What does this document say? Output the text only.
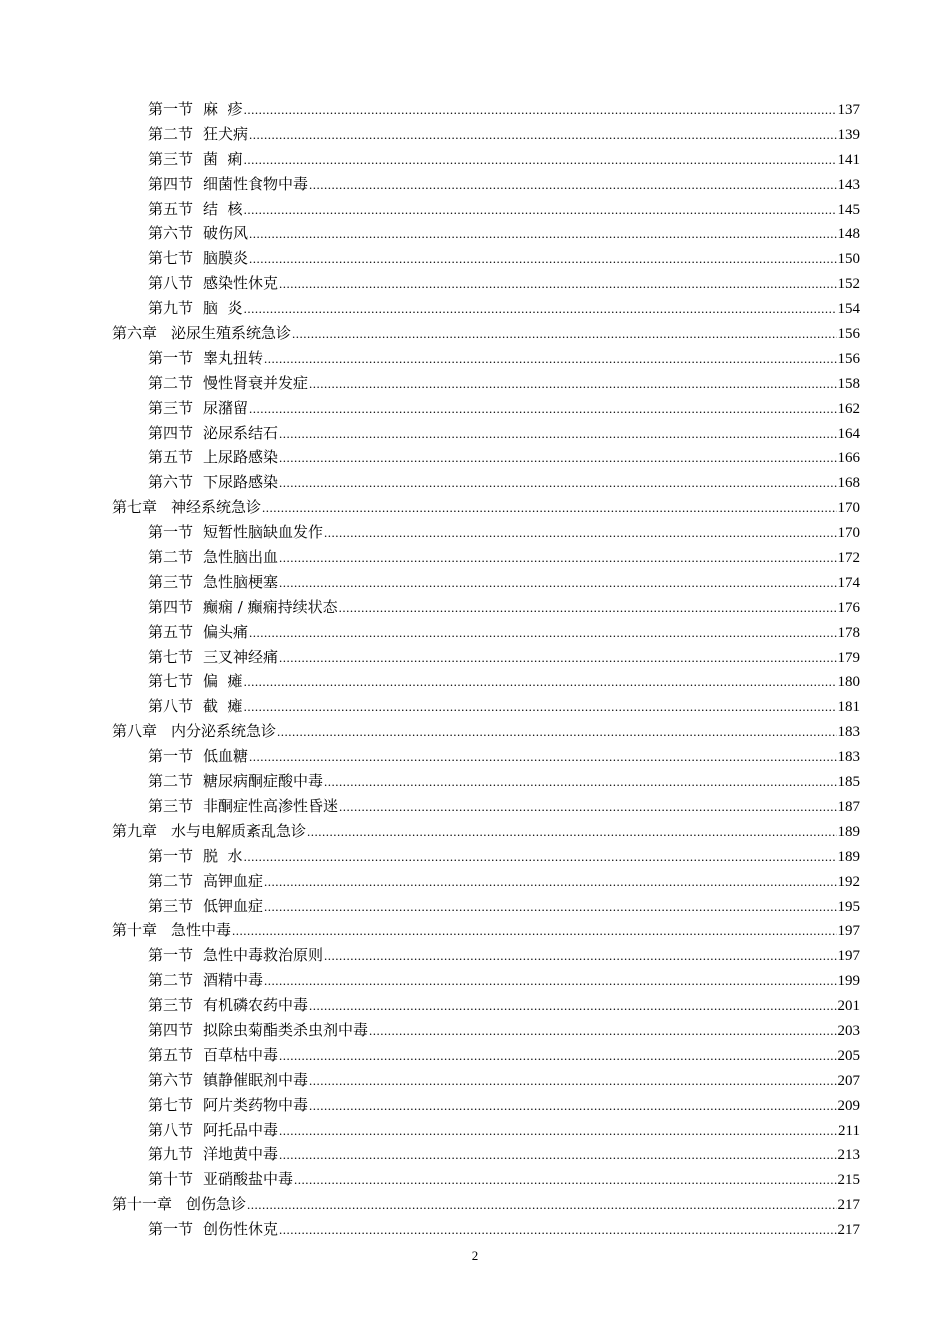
第一节 麻  疹 .....	137
第二节 狂犬病 .....	139
第三节 菌  痢 .....	141
第四节 细菌性食物中毒 .....	143
第五节 结  核 .....	145
第六节 破伤风 .....	148
第七节 脑膜炎 .....	150
第八节 感染性休克 .....	152
第九节 脑  炎 .....	154
第六章 泌尿生殖系统急诊 .....	156
第一节 睾丸扭转 .....	156
第二节 慢性肾衰并发症 .....	158
第三节 尿潴留 .....	162
第四节 泌尿系结石 .....	164
第五节 上尿路感染 .....	166
第六节 下尿路感染 .....	168
第七章 神经系统急诊 .....	170
第一节 短暂性脑缺血发作 .....	170
第二节 急性脑出血 .....	172
第三节 急性脑梗塞 .....	174
第四节 癫痫 / 癫痫持续状态 .....	176
第五节 偏头痛 .....	178
第七节 三叉神经痛 .....	179
第七节 偏  瘫 .....	180
第八节 截  瘫 .....	181
第八章 内分泌系统急诊 .....	183
第一节 低血糖 .....	183
第二节 糖尿病酮症酸中毒 .....	185
第三节 非酮症性高渗性昏迷 .....	187
第九章 水与电解质紊乱急诊 .....	189
第一节 脱  水 .....	189
第二节 高钾血症 .....	192
第三节 低钾血症 .....	195
第十章 急性中毒 .....	197
第一节 急性中毒救治原则 .....	197
第二节 酒精中毒 .....	199
第三节 有机磷农药中毒 .....	201
第四节 拟除虫菊酯类杀虫剂中毒 .....	203
第五节 百草枯中毒 .....	205
第六节 镇静催眠剂中毒 .....	207
第七节 阿片类药物中毒 .....	209
第八节 阿托品中毒 .....	211
第九节 洋地黄中毒 .....	213
第十节 亚硝酸盐中毒 .....	215
第十一章 创伤急诊 .....	217
第一节 创伤性休克 .....	217
2
